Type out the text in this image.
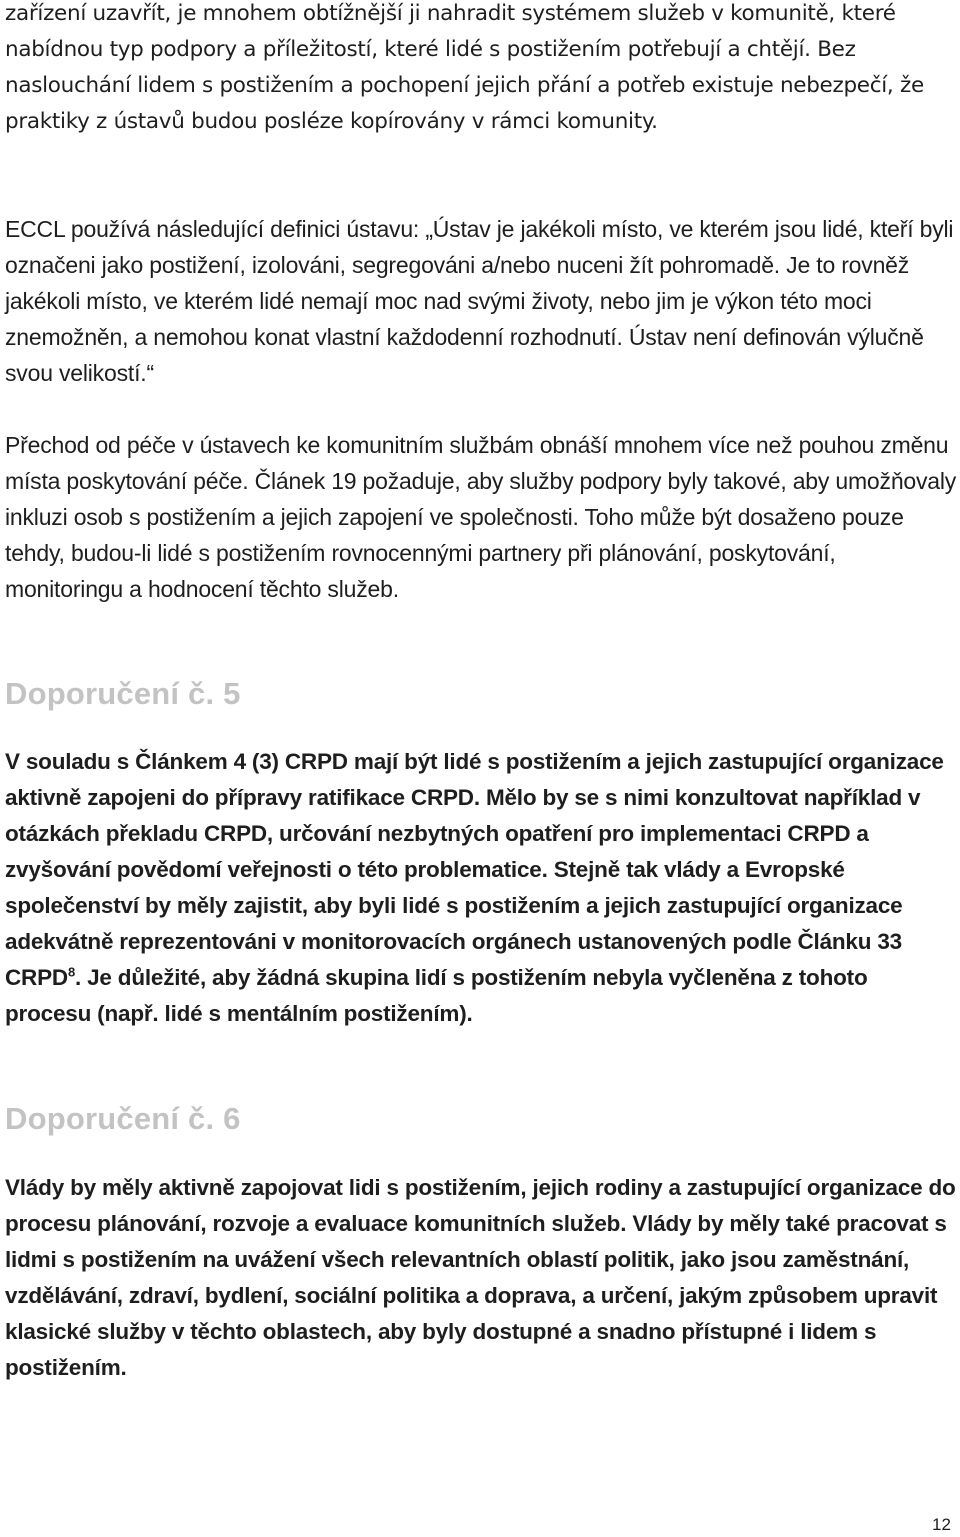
zařízení uzavřít, je mnohem obtížnější ji nahradit systémem služeb v komunitě, které nabídnou typ podpory a příležitostí, které lidé s postižením potřebují a chtějí. Bez naslouchání lidem s postižením a pochopení jejich přání a potřeb existuje nebezpečí, že praktiky z ústavů budou posléze kopírovány v rámci komunity.

ECCL používá následující definici ústavu: „Ústav je jakékoli místo, ve kterém jsou lidé, kteří byli označeni jako postižení, izolováni, segregováni a/nebo nuceni žít pohromadě. Je to rovněž jakékoli místo, ve kterém lidé nemají moc nad svými životy, nebo jim je výkon této moci znemožněn, a nemohou konat vlastní každodenní rozhodnutí. Ústav není definován výlučně svou velikostí.“

Přechod od péče v ústavech ke komunitním službám obnáší mnohem více než pouhou změnu místa poskytování péče. Článek 19 požaduje, aby služby podpory byly takové, aby umožňovaly inkluzi osob s postižením a jejich zapojení ve společnosti. Toho může být dosaženo pouze tehdy, budou-li lidé s postižením rovnocennými partnery při plánování, poskytování, monitoringu a hodnocení těchto služeb.

Doporučení č. 5

V souladu s Článkem 4 (3) CRPD mají být lidé s postižením a jejich zastupující organizace aktivně zapojeni do přípravy ratifikace CRPD. Mělo by se s nimi konzultovat například v otázkách překladu CRPD, určování nezbytných opatření pro implementaci CRPD a zvyšování povědomí veřejnosti o této problematice. Stejně tak vlády a Evropské společenství by měly zajistit, aby byli lidé s postižením a jejich zastupující organizace adekvátně reprezentováni v monitorovacích orgánech ustanovených podle Článku 33 CRPD$^8$. Je důležité, aby žádná skupina lidí s postižením nebyla vyčleněna z tohoto procesu (např. lidé s mentálním postižením).

Doporučení č. 6

Vlády by měly aktivně zapojovat lidi s postižením, jejich rodiny a zastupující organizace do procesu plánování, rozvoje a evaluace komunitních služeb. Vlády by měly také pracovat s lidmi s postižením na uvážení všech relevantních oblastí politik, jako jsou zaměstnání, vzdělávání, zdraví, bydlení, sociální politika a doprava, a určení, jakým způsobem upravit klasické služby v těchto oblastech, aby byly dostupné a snadno přístupné i lidem s postižením.

12
